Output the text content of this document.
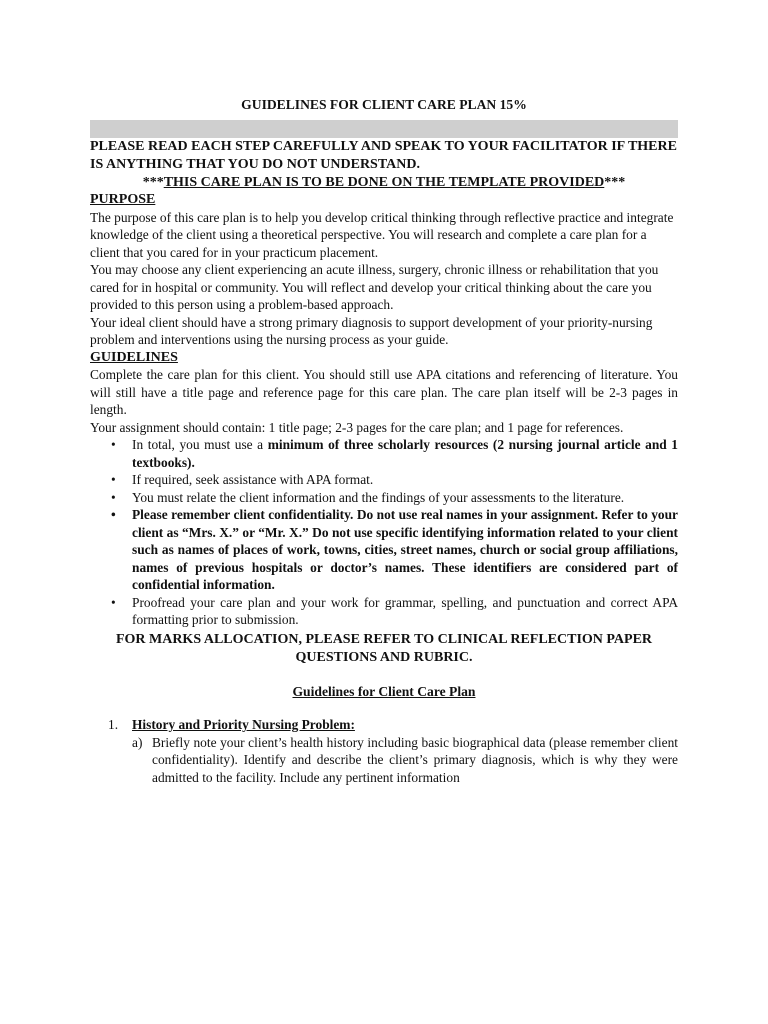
GUIDELINES FOR CLIENT CARE PLAN 15%

PLEASE READ EACH STEP CAREFULLY AND SPEAK TO YOUR FACILITATOR IF THERE IS ANYTHING THAT YOU DO NOT UNDERSTAND.

***THIS CARE PLAN IS TO BE DONE ON THE TEMPLATE PROVIDED***

PURPOSE

The purpose of this care plan is to help you develop critical thinking through reflective practice and integrate knowledge of the client using a theoretical perspective. You will research and complete a care plan for a client that you cared for in your practicum placement.

You may choose any client experiencing an acute illness, surgery, chronic illness or rehabilitation that you cared for in hospital or community. You will reflect and develop your critical thinking about the care you provided to this person using a problem-based approach.

Your ideal client should have a strong primary diagnosis to support development of your priority-nursing problem and interventions using the nursing process as your guide.

GUIDELINES

Complete the care plan for this client. You should still use APA citations and referencing of literature. You will still have a title page and reference page for this care plan. The care plan itself will be 2-3 pages in length.

Your assignment should contain: 1 title page; 2-3 pages for the care plan; and 1 page for references.

• In total, you must use a minimum of three scholarly resources (2 nursing journal article and 1 textbooks).
• If required, seek assistance with APA format.
• You must relate the client information and the findings of your assessments to the literature.
• Please remember client confidentiality. Do not use real names in your assignment. Refer to your client as “Mrs. X.” or “Mr. X.” Do not use specific identifying information related to your client such as names of places of work, towns, cities, street names, church or social group affiliations, names of previous hospitals or doctor’s names. These identifiers are considered part of confidential information.
• Proofread your care plan and your work for grammar, spelling, and punctuation and correct APA formatting prior to submission.

FOR MARKS ALLOCATION, PLEASE REFER TO CLINICAL REFLECTION PAPER QUESTIONS AND RUBRIC.

Guidelines for Client Care Plan

1. History and Priority Nursing Problem:
a) Briefly note your client’s health history including basic biographical data (please remember client confidentiality). Identify and describe the client’s primary diagnosis, which is why they were admitted to the facility. Include any pertinent information
